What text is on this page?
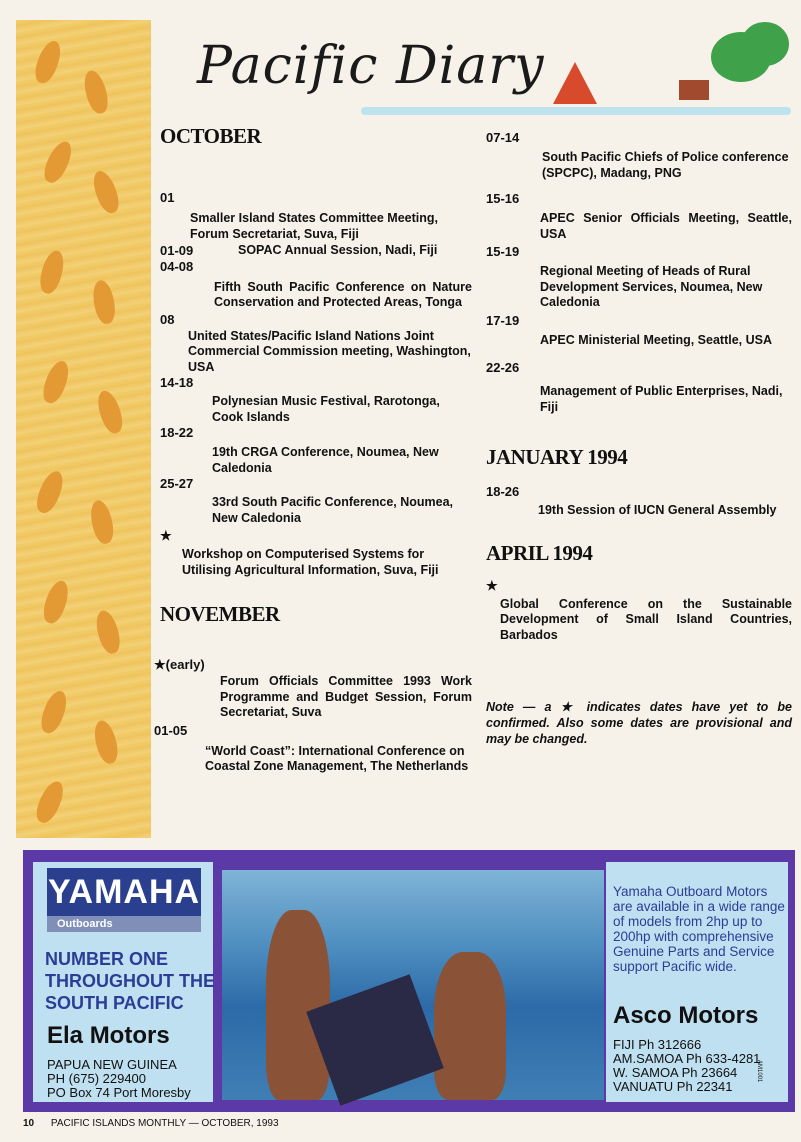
Pacific Diary
OCTOBER
01
Smaller Island States Committee Meeting, Forum Secretariat, Suva, Fiji
01-09	SOPAC Annual Session, Nadi, Fiji
04-08
Fifth South Pacific Conference on Nature Conservation and Protected Areas, Tonga
08
United States/Pacific Island Nations Joint Commercial Commission meeting, Washington, USA
14-18
Polynesian Music Festival, Rarotonga, Cook Islands
18-22
19th CRGA Conference, Noumea, New Caledonia
25-27
33rd South Pacific Conference, Noumea, New Caledonia
★
Workshop on Computerised Systems for Utilising Agricultural Information, Suva, Fiji
NOVEMBER
★(early)
Forum Officials Committee 1993 Work Programme and Budget Session, Forum Secretariat, Suva
01-05
“World Coast”: International Conference on Coastal Zone Management, The Netherlands
07-14
South Pacific Chiefs of Police conference (SPCPC), Madang, PNG
15-16
APEC Senior Officials Meeting, Seattle, USA
15-19
Regional Meeting of Heads of Rural Development Services, Noumea, New Caledonia
17-19
APEC Ministerial Meeting, Seattle, USA
22-26
Management of Public Enterprises, Nadi, Fiji
JANUARY 1994
18-26
19th Session of IUCN General Assembly
APRIL 1994
★
Global Conference on the Sustainable Development of Small Island Countries, Barbados
Note — a ★ indicates dates have yet to be confirmed. Also some dates are provisional and may be changed.
YAMAHA
Outboards
NUMBER ONE THROUGHOUT THE SOUTH PACIFIC
Ela Motors
PAPUA NEW GUINEA
PH (675) 229400
PO Box 74 Port Moresby
Yamaha Outboard Motors are available in a wide range of models from 2hp up to 200hp with comprehensive Genuine Parts and Service support Pacific wide.
Asco Motors
FIJI Ph 312666
AM.SAMOA Ph 633-4281
W. SAMOA Ph 23664
VANUATU Ph 22341
AM1001
10 PACIFIC ISLANDS MONTHLY — OCTOBER, 1993
